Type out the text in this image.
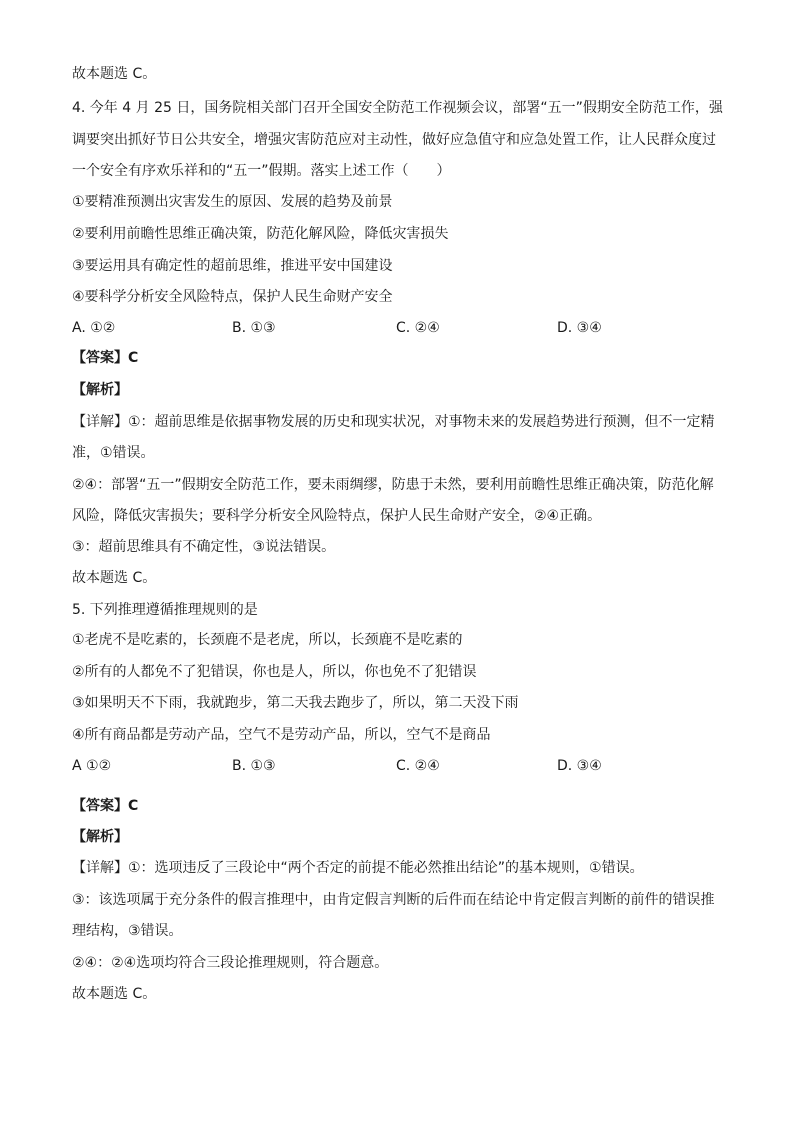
故本题选 C。
4. 今年 4 月 25 日，国务院相关部门召开全国安全防范工作视频会议，部署“五一”假期安全防范工作，强
调要突出抓好节日公共安全，增强灾害防范应对主动性，做好应急值守和应急处置工作，让人民群众度过
一个安全有序欢乐祥和的“五一”假期。落实上述工作（　　）
①要精准预测出灾害发生的原因、发展的趋势及前景
②要利用前瞻性思维正确决策，防范化解风险，降低灾害损失
③要运用具有确定性的超前思维，推进平安中国建设
④要科学分析安全风险特点，保护人民生命财产安全
A. ①②	B. ①③	C. ②④	D. ③④
【答案】C
【解析】
【详解】①：超前思维是依据事物发展的历史和现实状况，对事物未来的发展趋势进行预测，但不一定精
准，①错误。
②④：部署“五一”假期安全防范工作，要未雨绸缪，防患于未然，要利用前瞻性思维正确决策，防范化解
风险，降低灾害损失；要科学分析安全风险特点，保护人民生命财产安全，②④正确。
③：超前思维具有不确定性，③说法错误。
故本题选 C。
5. 下列推理遵循推理规则的是
①老虎不是吃素的，长颈鹿不是老虎，所以，长颈鹿不是吃素的
②所有的人都免不了犯错误，你也是人，所以，你也免不了犯错误
③如果明天不下雨，我就跑步，第二天我去跑步了，所以，第二天没下雨
④所有商品都是劳动产品，空气不是劳动产品，所以，空气不是商品
A ①②	B. ①③	C. ②④	D. ③④
【答案】C
【解析】
【详解】①：选项违反了三段论中“两个否定的前提不能必然推出结论”的基本规则，①错误。
③：该选项属于充分条件的假言推理中，由肯定假言判断的后件而在结论中肯定假言判断的前件的错误推
理结构，③错误。
②④：②④选项均符合三段论推理规则，符合题意。
故本题选 C。
